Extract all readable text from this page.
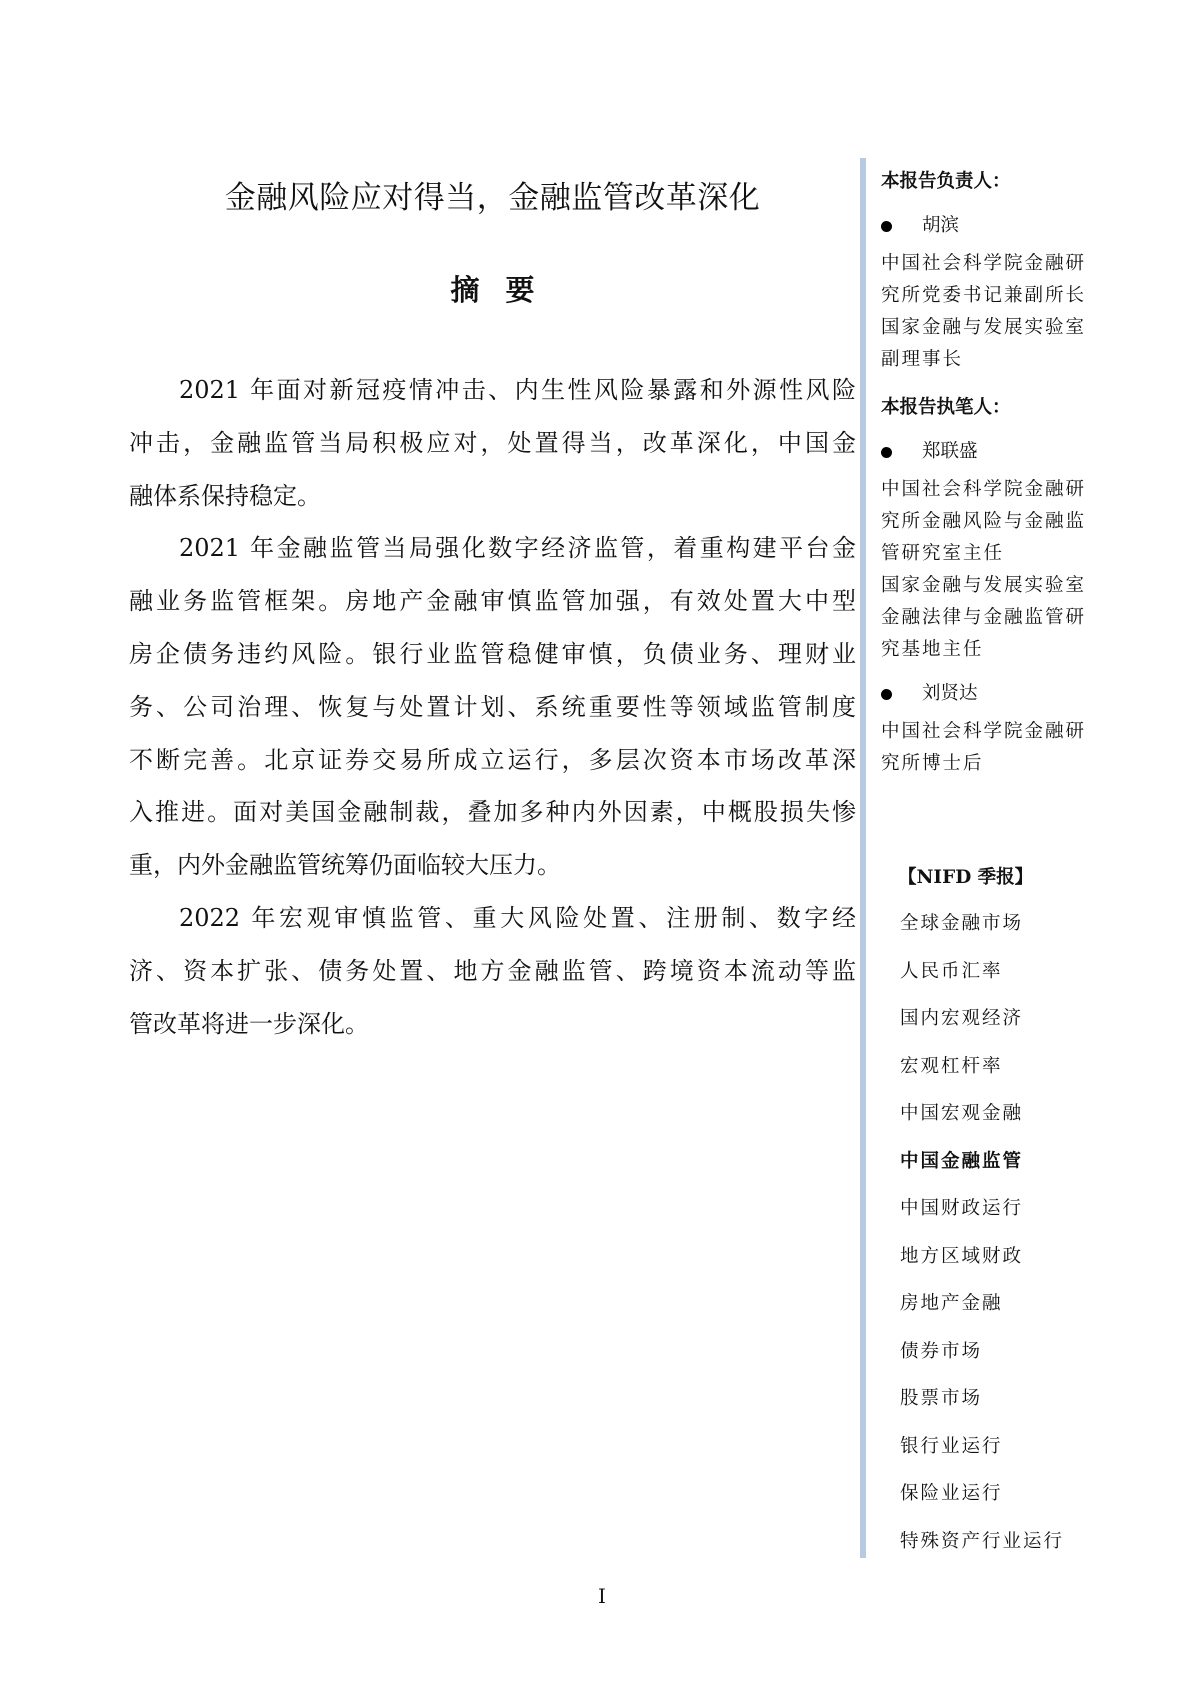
金融风险应对得当，金融监管改革深化
摘要
2021 年面对新冠疫情冲击、内生性风险暴露和外源性风险
冲击，金融监管当局积极应对，处置得当，改革深化，中国金
融体系保持稳定。
2021 年金融监管当局强化数字经济监管，着重构建平台金
融业务监管框架。房地产金融审慎监管加强，有效处置大中型
房企债务违约风险。银行业监管稳健审慎，负债业务、理财业
务、公司治理、恢复与处置计划、系统重要性等领域监管制度
不断完善。北京证券交易所成立运行，多层次资本市场改革深
入推进。面对美国金融制裁，叠加多种内外因素，中概股损失惨
重，内外金融监管统筹仍面临较大压力。
2022 年宏观审慎监管、重大风险处置、注册制、数字经
济、资本扩张、债务处置、地方金融监管、跨境资本流动等监
管改革将进一步深化。
本报告负责人：
胡滨
中国社会科学院金融研
究所党委书记兼副所长
国家金融与发展实验室
副理事长
本报告执笔人：
郑联盛
中国社会科学院金融研
究所金融风险与金融监
管研究室主任
国家金融与发展实验室
金融法律与金融监管研
究基地主任
刘贤达
中国社会科学院金融研
究所博士后
【NIFD 季报】
全球金融市场
人民币汇率
国内宏观经济
宏观杠杆率
中国宏观金融
中国金融监管
中国财政运行
地方区域财政
房地产金融
债券市场
股票市场
银行业运行
保险业运行
特殊资产行业运行
I
